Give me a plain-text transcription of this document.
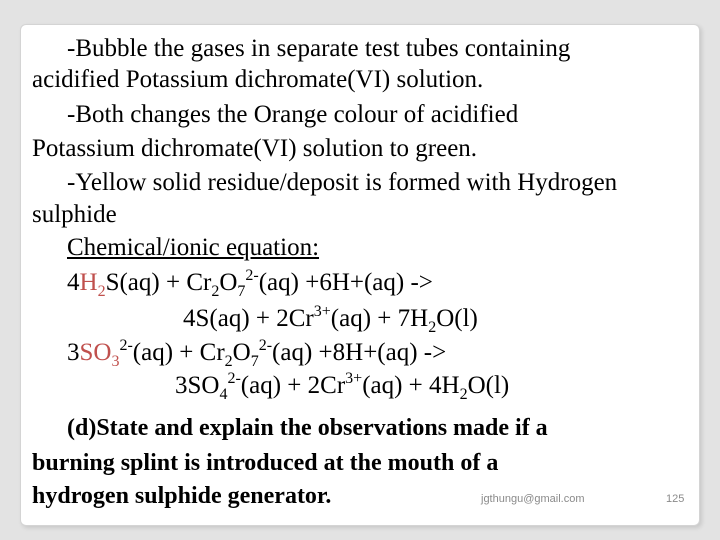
-Bubble the gases in separate test tubes containing
acidified Potassium dichromate(VI) solution.
-Both changes the Orange colour of acidified
Potassium dichromate(VI) solution to green.
-Yellow solid residue/deposit is formed with Hydrogen
sulphide
Chemical/ionic equation:
$4H_2S(aq) + Cr_2O_7^{2-}(aq) +6H+(aq)$ ->
$4S(aq) + 2Cr^{3+}(aq) + 7H_2O(l)$
$3SO_3^{2-}(aq) + Cr_2O_7^{2-}(aq) +8H+(aq)$ ->
$3SO_4^{2-}(aq) + 2Cr^{3+}(aq) + 4H_2O(l)$
(d)State and explain the observations made if a
burning splint is introduced at the mouth of a
hydrogen sulphide generator.	jgthungu@gmail.com	125
